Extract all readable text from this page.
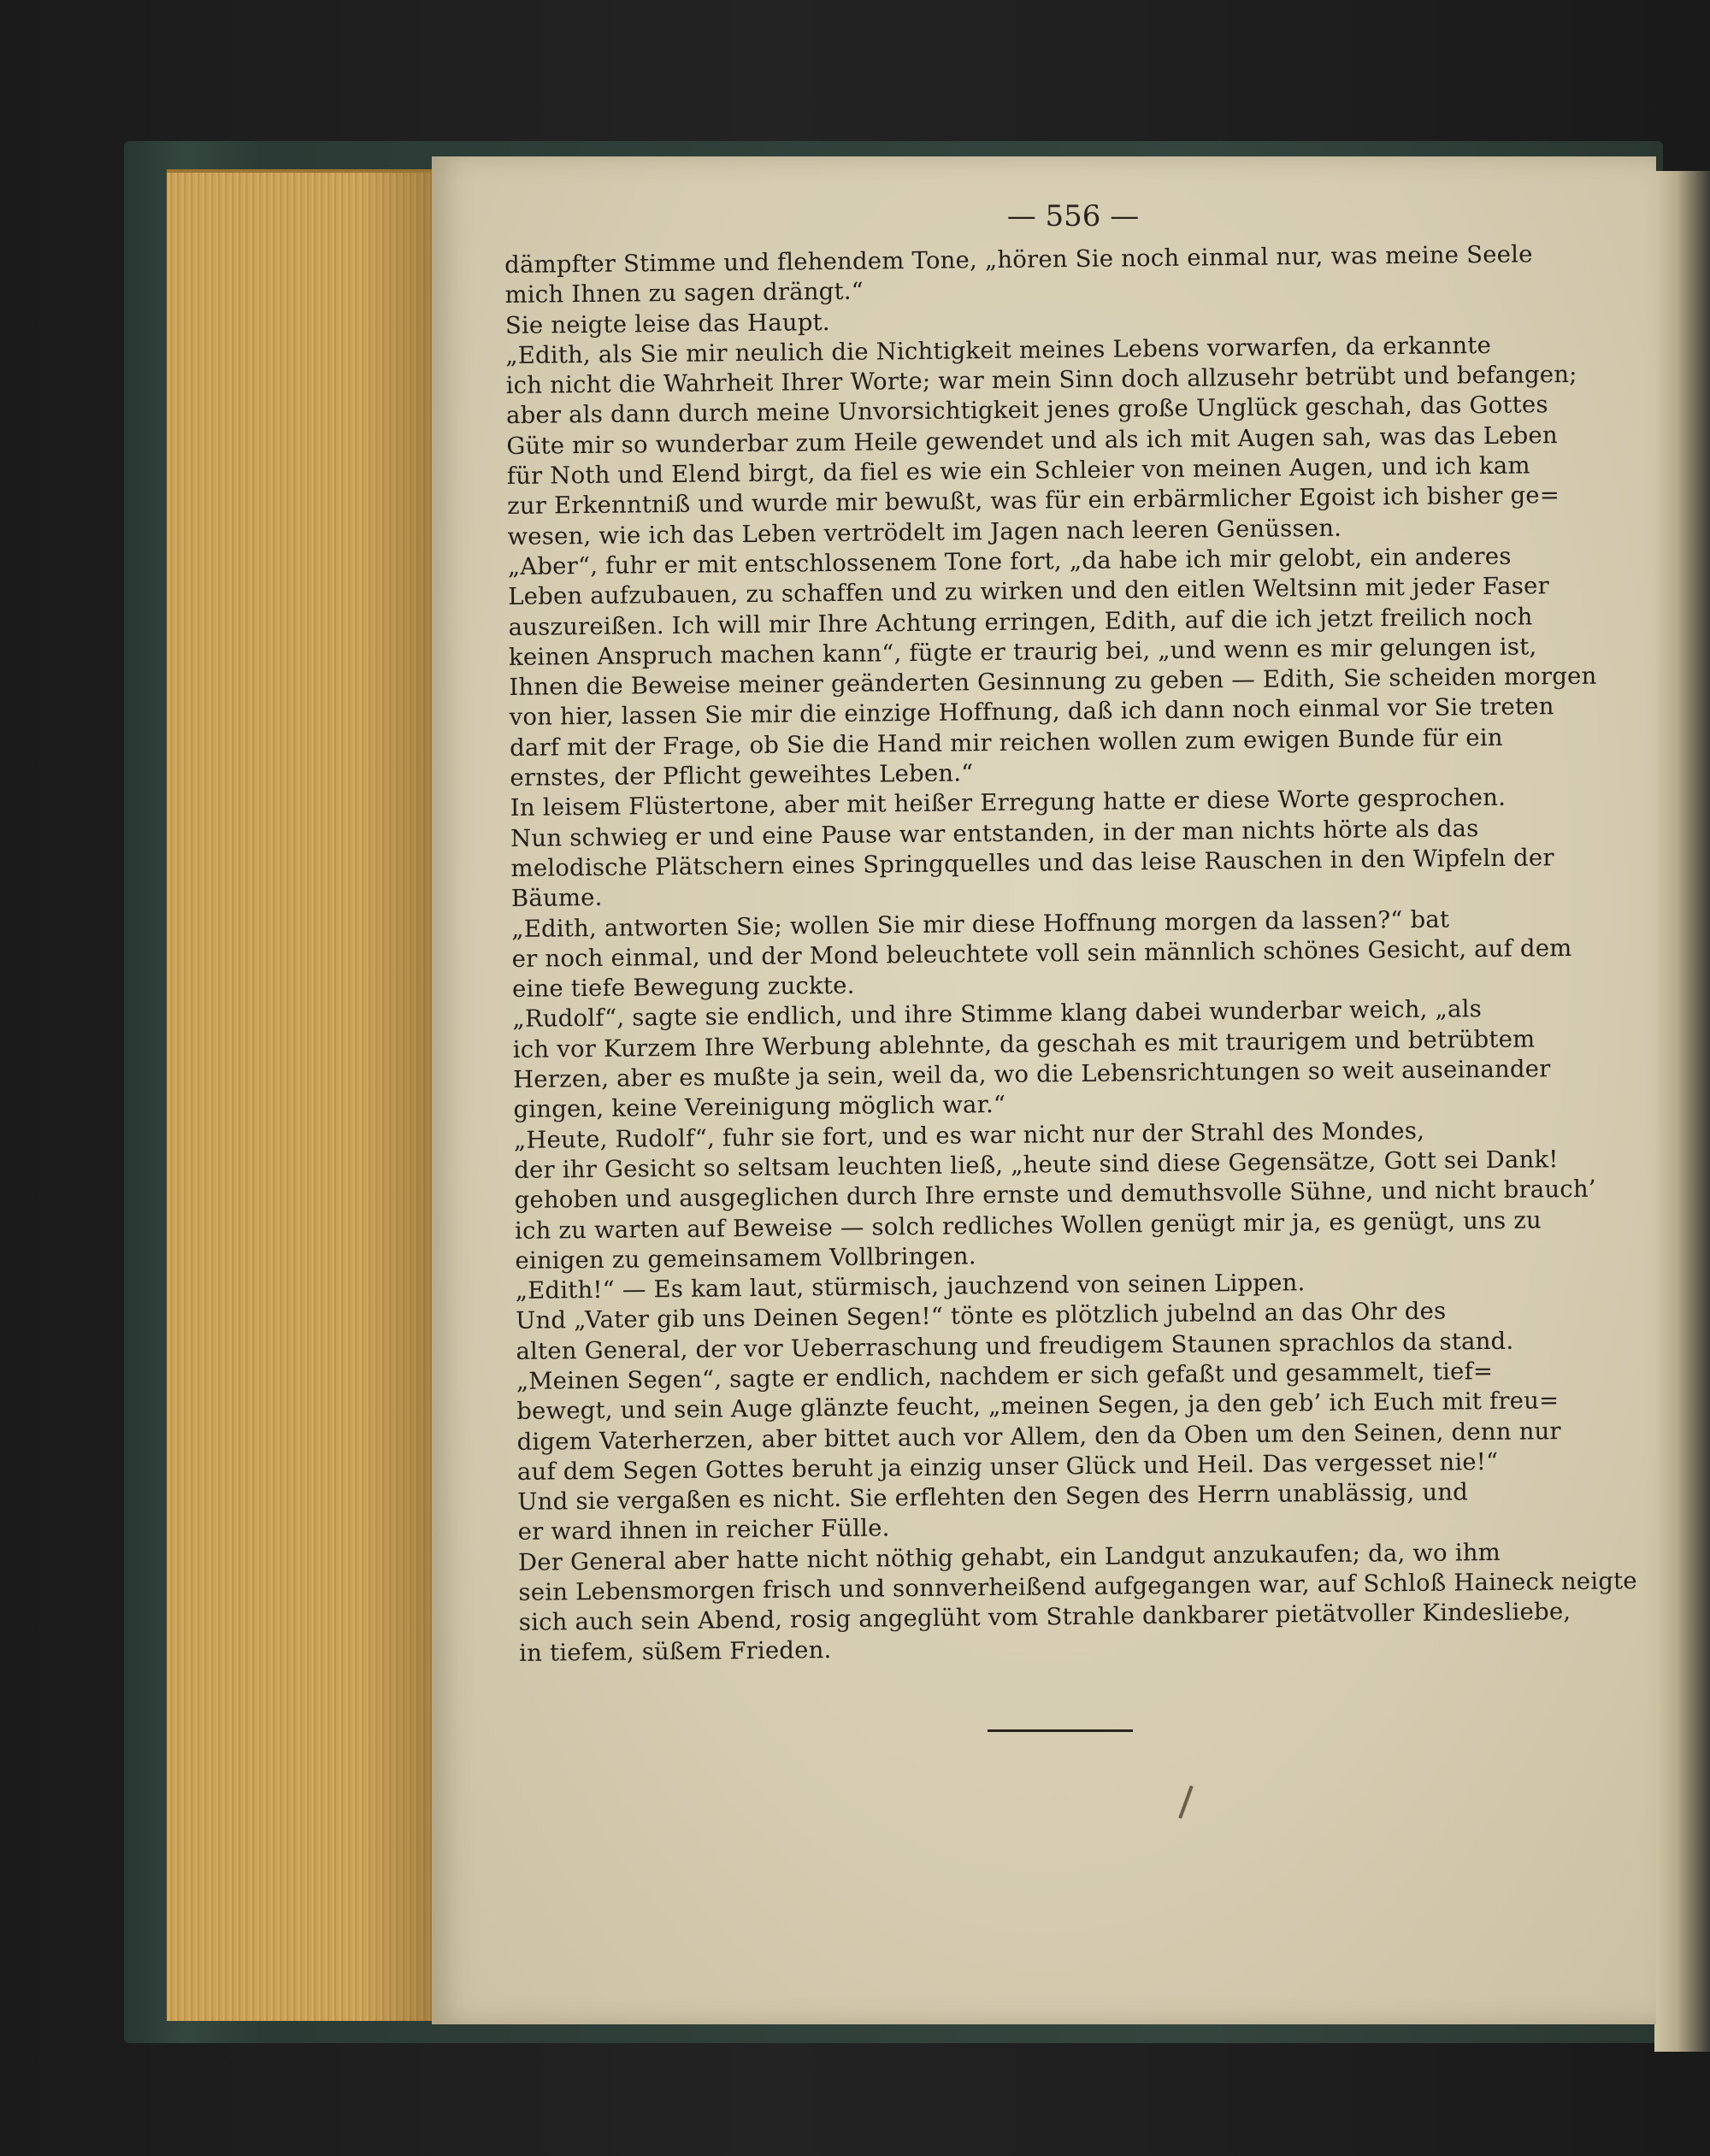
— 556 —
dämpfter Stimme und flehendem Tone, „hören Sie noch einmal nur, was meine Seele
mich Ihnen zu sagen drängt.“
Sie neigte leise das Haupt.
„Edith, als Sie mir neulich die Nichtigkeit meines Lebens vorwarfen, da erkannte
ich nicht die Wahrheit Ihrer Worte; war mein Sinn doch allzusehr betrübt und befangen;
aber als dann durch meine Unvorsichtigkeit jenes große Unglück geschah, das Gottes
Güte mir so wunderbar zum Heile gewendet und als ich mit Augen sah, was das Leben
für Noth und Elend birgt, da fiel es wie ein Schleier von meinen Augen, und ich kam
zur Erkenntniß und wurde mir bewußt, was für ein erbärmlicher Egoist ich bisher ge=
wesen, wie ich das Leben vertrödelt im Jagen nach leeren Genüssen.
„Aber“, fuhr er mit entschlossenem Tone fort, „da habe ich mir gelobt, ein anderes
Leben aufzubauen, zu schaffen und zu wirken und den eitlen Weltsinn mit jeder Faser
auszureißen. Ich will mir Ihre Achtung erringen, Edith, auf die ich jetzt freilich noch
keinen Anspruch machen kann“, fügte er traurig bei, „und wenn es mir gelungen ist,
Ihnen die Beweise meiner geänderten Gesinnung zu geben — Edith, Sie scheiden morgen
von hier, lassen Sie mir die einzige Hoffnung, daß ich dann noch einmal vor Sie treten
darf mit der Frage, ob Sie die Hand mir reichen wollen zum ewigen Bunde für ein
ernstes, der Pflicht geweihtes Leben.“
In leisem Flüstertone, aber mit heißer Erregung hatte er diese Worte gesprochen.
Nun schwieg er und eine Pause war entstanden, in der man nichts hörte als das
melodische Plätschern eines Springquelles und das leise Rauschen in den Wipfeln der
Bäume.
„Edith, antworten Sie; wollen Sie mir diese Hoffnung morgen da lassen?“ bat
er noch einmal, und der Mond beleuchtete voll sein männlich schönes Gesicht, auf dem
eine tiefe Bewegung zuckte.
„Rudolf“, sagte sie endlich, und ihre Stimme klang dabei wunderbar weich, „als
ich vor Kurzem Ihre Werbung ablehnte, da geschah es mit traurigem und betrübtem
Herzen, aber es mußte ja sein, weil da, wo die Lebensrichtungen so weit auseinander
gingen, keine Vereinigung möglich war.“
„Heute, Rudolf“, fuhr sie fort, und es war nicht nur der Strahl des Mondes,
der ihr Gesicht so seltsam leuchten ließ, „heute sind diese Gegensätze, Gott sei Dank!
gehoben und ausgeglichen durch Ihre ernste und demuthsvolle Sühne, und nicht brauch’
ich zu warten auf Beweise — solch redliches Wollen genügt mir ja, es genügt, uns zu
einigen zu gemeinsamem Vollbringen.
„Edith!“ — Es kam laut, stürmisch, jauchzend von seinen Lippen.
Und „Vater gib uns Deinen Segen!“ tönte es plötzlich jubelnd an das Ohr des
alten General, der vor Ueberraschung und freudigem Staunen sprachlos da stand.
„Meinen Segen“, sagte er endlich, nachdem er sich gefaßt und gesammelt, tief=
bewegt, und sein Auge glänzte feucht, „meinen Segen, ja den geb’ ich Euch mit freu=
digem Vaterherzen, aber bittet auch vor Allem, den da Oben um den Seinen, denn nur
auf dem Segen Gottes beruht ja einzig unser Glück und Heil. Das vergesset nie!“
Und sie vergaßen es nicht. Sie erflehten den Segen des Herrn unablässig, und
er ward ihnen in reicher Fülle.
Der General aber hatte nicht nöthig gehabt, ein Landgut anzukaufen; da, wo ihm
sein Lebensmorgen frisch und sonnverheißend aufgegangen war, auf Schloß Haineck neigte
sich auch sein Abend, rosig angeglüht vom Strahle dankbarer pietätvoller Kindesliebe,
in tiefem, süßem Frieden.
